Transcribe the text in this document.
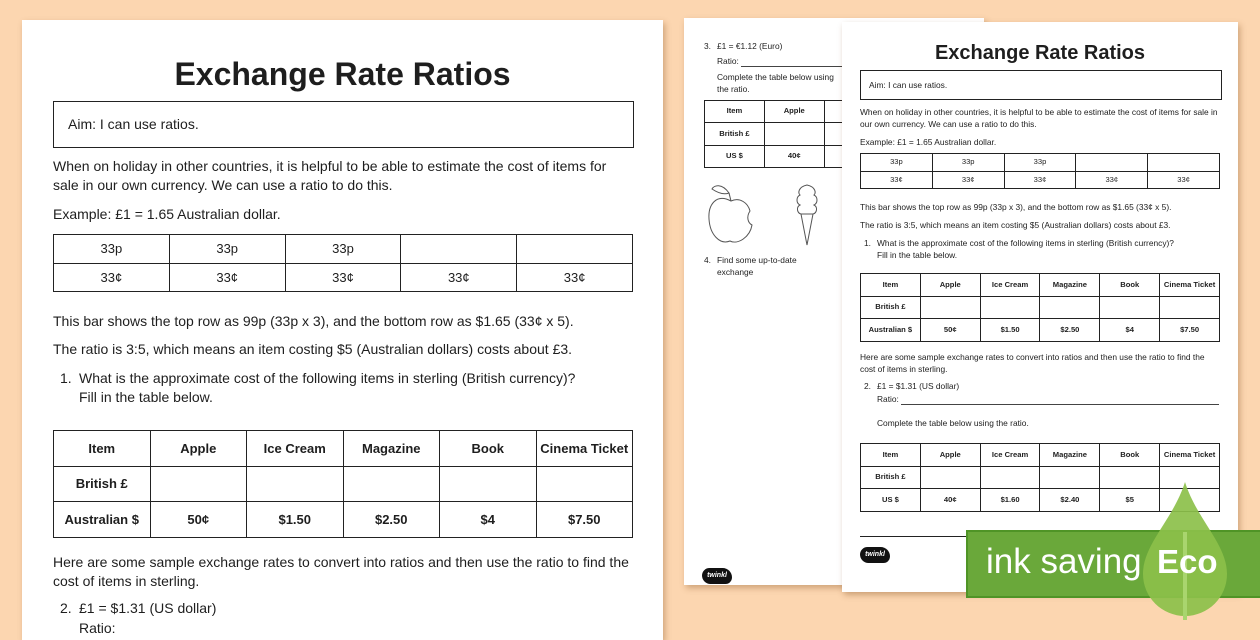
Exchange Rate Ratios
Aim: I can use ratios.
When on holiday in other countries, it is helpful to be able to estimate the cost of items for sale in our own currency. We can use a ratio to do this.
Example: £1 = 1.65 Australian dollar.
33p	33p	33p		
33¢	33¢	33¢	33¢	33¢
This bar shows the top row as 99p (33p x 3), and the bottom row as $1.65 (33¢ x 5).
The ratio is 3:5, which means an item costing $5 (Australian dollars) costs about £3.
1. What is the approximate cost of the following items in sterling (British currency)?
Fill in the table below.
Item	Apple	Ice Cream	Magazine	Book	Cinema Ticket
British £					
Australian $	50¢	$1.50	$2.50	$4	$7.50
Here are some sample exchange rates to convert into ratios and then use the ratio to find the cost of items in sterling.
2. £1 = $1.31 (US dollar)
Ratio:
3. £1 = €1.12 (Euro)
Ratio:
Complete the table below using the ratio.
Item	Apple				
British £					
US $	40¢				
4. Find some up-to-date exchange
twinkl
Exchange Rate Ratios
Aim: I can use ratios.
When on holiday in other countries, it is helpful to be able to estimate the cost of items for sale in our own currency. We can use a ratio to do this.
Example: £1 = 1.65 Australian dollar.
33p	33p	33p		
33¢	33¢	33¢	33¢	33¢
This bar shows the top row as 99p (33p x 3), and the bottom row as $1.65 (33¢ x 5).
The ratio is 3:5, which means an item costing $5 (Australian dollars) costs about £3.
1. What is the approximate cost of the following items in sterling (British currency)?
Fill in the table below.
Item	Apple	Ice Cream	Magazine	Book	Cinema Ticket
British £					
Australian $	50¢	$1.50	$2.50	$4	$7.50
Here are some sample exchange rates to convert into ratios and then use the ratio to find the cost of items in sterling.
2. £1 = $1.31 (US dollar)
Ratio:
Complete the table below using the ratio.
Item	Apple	Ice Cream	Magazine	Book	Cinema Ticket
British £					
US $	40¢	$1.60	$2.40	$5	
twinkl	ink saving Eco
